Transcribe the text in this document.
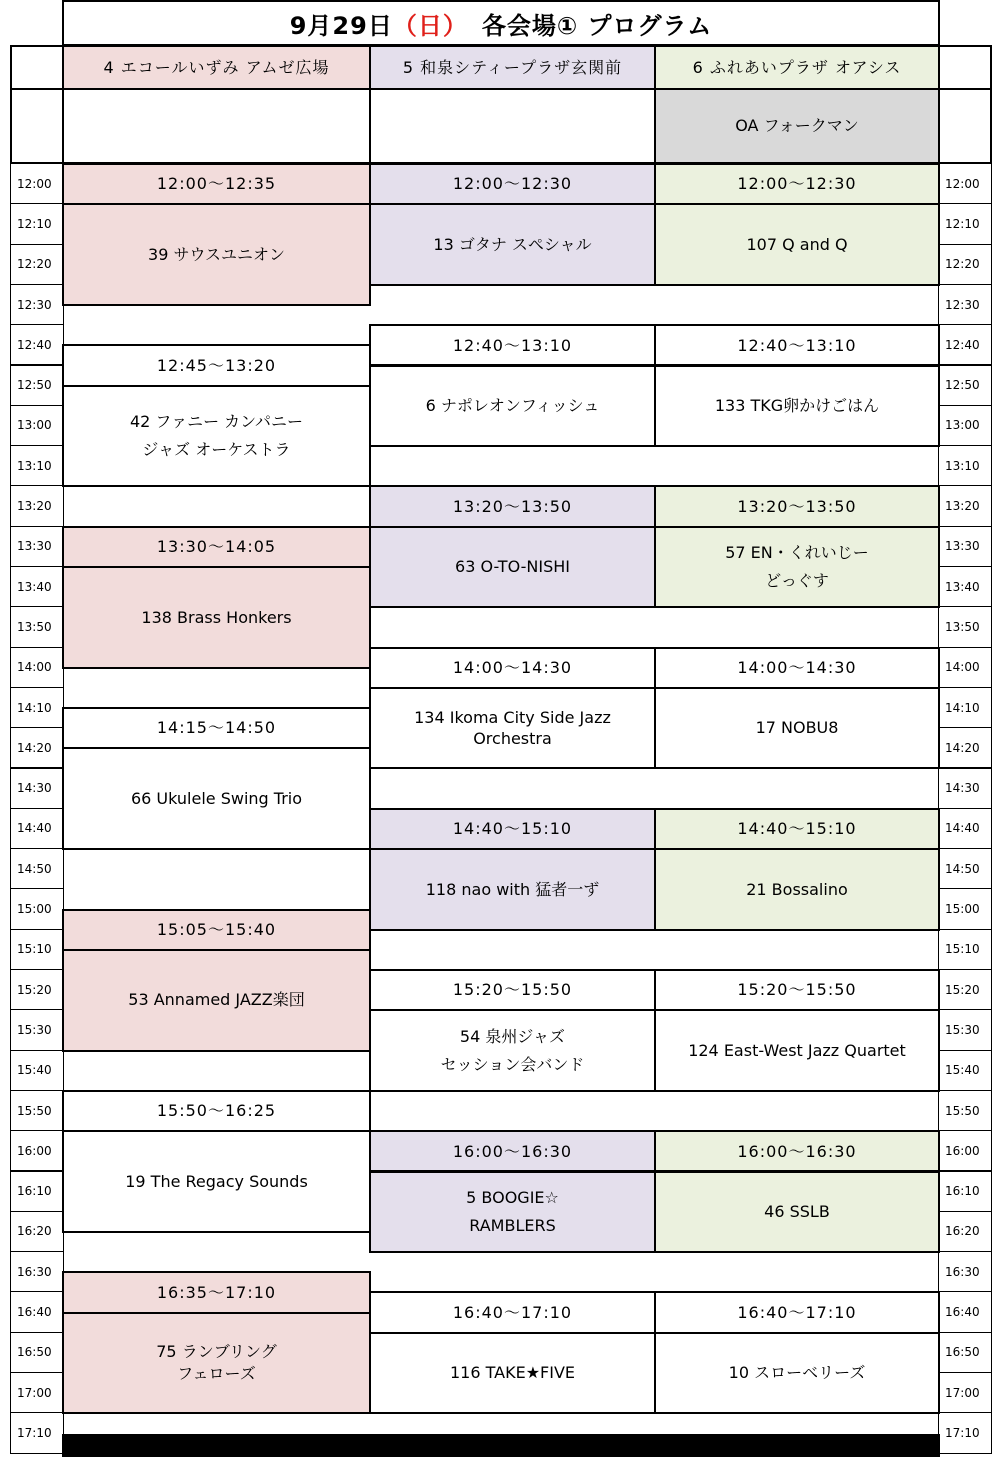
9月29日 （日） 各会場① プログラム
4 エコールいずみ アムゼ広場	5 和泉シティープラザ玄関前	6 ふれあいプラザ オアシス
OA フォークマン
12:00
12:10
12:20
12:30
12:40
12:50
13:00
13:10
13:20
13:30
13:40
13:50
14:00
14:10
14:20
14:30
14:40
14:50
15:00
15:10
15:20
15:30
15:40
15:50
16:00
16:10
16:20
16:30
16:40
16:50
17:00
17:10
12:00
12:10
12:20
12:30
12:40
12:50
13:00
13:10
13:20
13:30
13:40
13:50
14:00
14:10
14:20
14:30
14:40
14:50
15:00
15:10
15:20
15:30
15:40
15:50
16:00
16:10
16:20
16:30
16:40
16:50
17:00
17:10
12:00〜12:35
39 サウスユニオン
12:45〜13:20
42 ファニー カンパニー
ジャズ オーケストラ
13:30〜14:05
138 Brass Honkers
14:15〜14:50
66 Ukulele Swing Trio
15:05〜15:40
53 Annamed JAZZ楽団
15:50〜16:25
19 The Regacy Sounds
16:35〜17:10
75 ランブリング
フェローズ
12:00〜12:30
13 ゴタナ スペシャル
12:40〜13:10
6 ナポレオンフィッシュ
13:20〜13:50
63 O-TO-NISHI
14:00〜14:30
134 Ikoma City Side Jazz
Orchestra
14:40〜15:10
118 nao with 猛者一ず
15:20〜15:50
54 泉州ジャズ
セッション会バンド
16:00〜16:30
5 BOOGIE☆
RAMBLERS
16:40〜17:10
116 TAKE★FIVE
12:00〜12:30
107 Q and Q
12:40〜13:10
133 TKG卵かけごはん
13:20〜13:50
57 EN・くれいじー
どっぐす
14:00〜14:30
17 NOBU8
14:40〜15:10
21 Bossalino
15:20〜15:50
124 East-West Jazz Quartet
16:00〜16:30
46 SSLB
16:40〜17:10
10 スローベリーズ
